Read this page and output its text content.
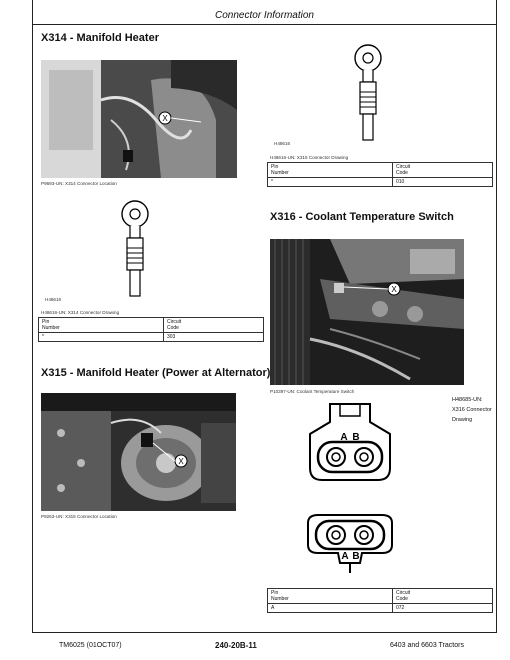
Connector Information
X314 - Manifold Heater
X
P9693-UN: X314 Connector Location
H48616
H48616-UN: X314 Connector Drawing
Pin
Number	Circuit
Code
*	303
X315 - Manifold Heater (Power at Alternator)
X
P9263-UN: X315 Connector Location
H48616
H48616-UN: X315 Connector Drawing
Pin
Number	Circuit
Code
*	010
X316 - Coolant Temperature Switch
X
P10397-UN: Coolant Temperature Switch
H48685-UN:
X316 Connector
Drawing
A B
A B
Pin
Number	Circuit
Code
A	072
TM6025 (01OCT07)	240-20B-11	6403 and 6603 Tractors
